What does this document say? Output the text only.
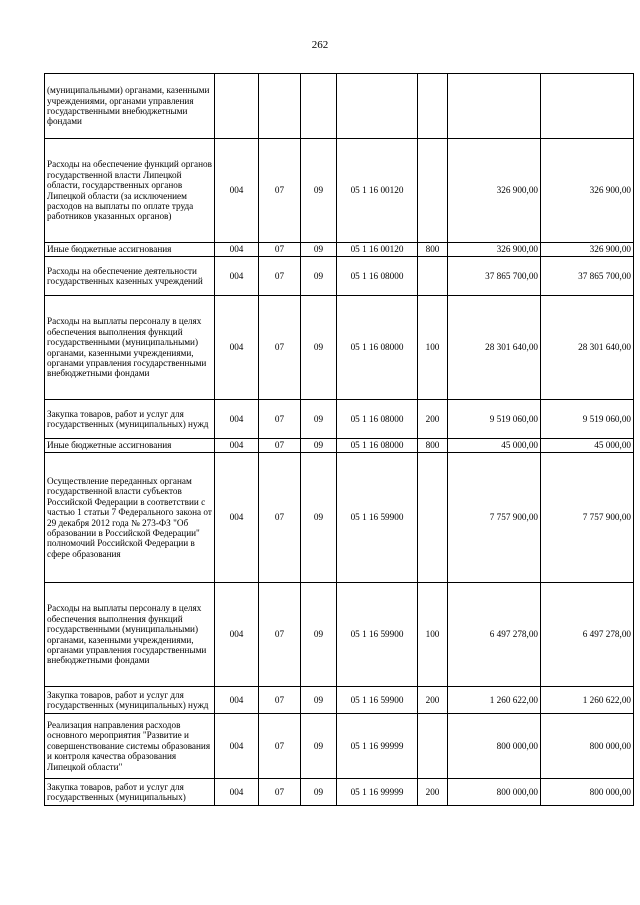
262
(муниципальными) органами, казенными учреждениями, органами управления государственными внебюджетными фондами							
Расходы на обеспечение функций органов государственной власти Липецкой области, государственных органов Липецкой области (за исключением расходов на выплаты по оплате труда работников указанных органов)	004	07	09	05 1 16 00120		326 900,00	326 900,00
Иные бюджетные ассигнования	004	07	09	05 1 16 00120	800	326 900,00	326 900,00
Расходы на обеспечение деятельности государственных казенных учреждений	004	07	09	05 1 16 08000		37 865 700,00	37 865 700,00
Расходы на выплаты персоналу в целях обеспечения выполнения функций государственными (муниципальными) органами, казенными учреждениями, органами управления государственными внебюджетными фондами	004	07	09	05 1 16 08000	100	28 301 640,00	28 301 640,00
Закупка товаров, работ и услуг для государственных (муниципальных) нужд	004	07	09	05 1 16 08000	200	9 519 060,00	9 519 060,00
Иные бюджетные ассигнования	004	07	09	05 1 16 08000	800	45 000,00	45 000,00
Осуществление переданных органам государственной власти субъектов Российской Федерации в соответствии с частью 1 статьи 7 Федерального закона от 29 декабря 2012 года № 273-ФЗ "Об образовании в Российской Федерации" полномочий Российской Федерации в сфере образования	004	07	09	05 1 16 59900		7 757 900,00	7 757 900,00
Расходы на выплаты персоналу в целях обеспечения выполнения функций государственными (муниципальными) органами, казенными учреждениями, органами управления государственными внебюджетными фондами	004	07	09	05 1 16 59900	100	6 497 278,00	6 497 278,00
Закупка товаров, работ и услуг для государственных (муниципальных) нужд	004	07	09	05 1 16 59900	200	1 260 622,00	1 260 622,00
Реализация направления расходов основного мероприятия "Развитие и совершенствование системы образования и контроля качества образования Липецкой области"	004	07	09	05 1 16 99999		800 000,00	800 000,00
Закупка товаров, работ и услуг для государственных (муниципальных)	004	07	09	05 1 16 99999	200	800 000,00	800 000,00
